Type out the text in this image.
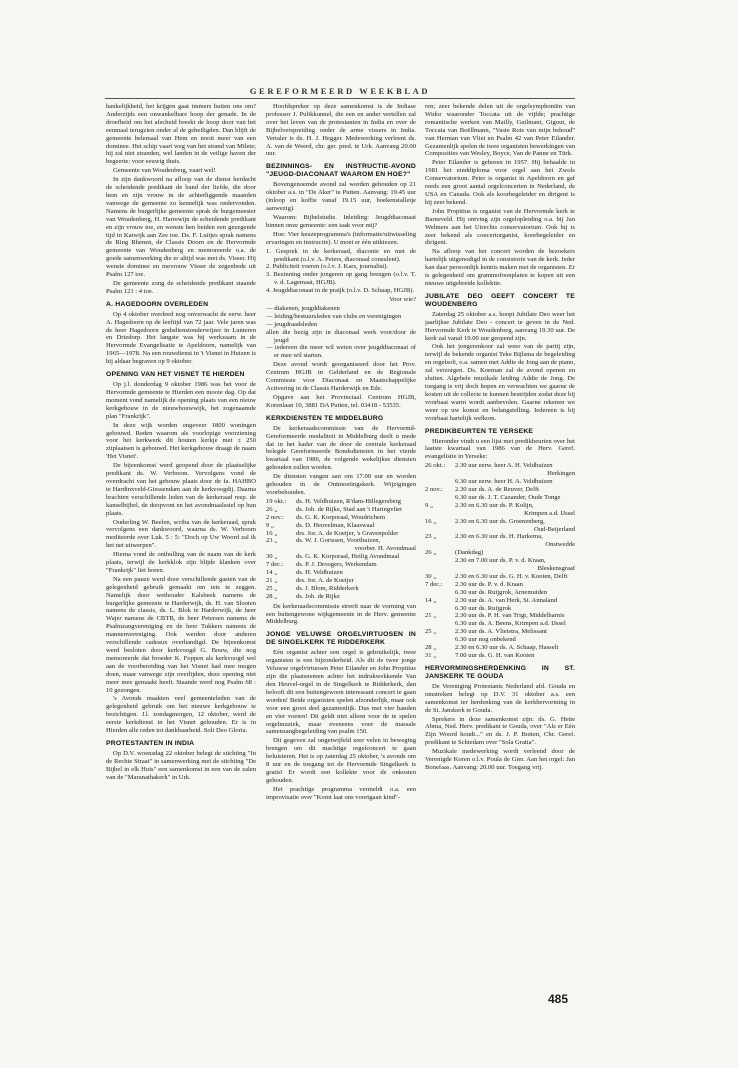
GEREFORMEERD WEEKBLAD

hankelijkheid, het krijgen gaat immers buiten ons om? Anderzijds een onwankelbare hoop der genade. In de droefheid om het afscheid breekt de hoop door van het eenmaal terugzien onder al de geheiligden. Dan blijft de gemeente helemaal van Hem en nooit meer van een dominee. Het schip vaart weg van het strand van Milete; hij zal niet stranden, wel landen in de veilige haven der begeerte: voor eeuwig thuis.

Gemeente van Woudenberg, vaart wel!

In zijn dankwoord na afloop van de dienst herdacht de scheidende predikant de band der liefde, die door hem en zijn vrouw in de achterliggende maanden vanwege de gemeente zo kennelijk was ondervonden. Namens de burgerlijke gemeente sprak de burgemeester van Woudenberg, H. Harrewijn de scheidende predikant en zijn vrouw toe, en wenste hen beiden een gezegende tijd in Katwijk aan Zee toe. Ds. F. Luitjes sprak namens de Ring Rhenen, de Classis Doorn en de Hervormde gemeente van Woudenberg en memoreerde o.a. de goede samenwerking die er altijd was met ds. Visser. Hij wenste dominee en mevrouw Visser de zegenbede uit Psalm 127 toe.

De gemeente zong de scheidende predikant staande Psalm 121 : 4 toe.

A. HAGEDOORN OVERLEDEN

Op 4 oktober overleed nog onverwacht de eerw. heer A. Hagedoorn op de leeftijd van 72 jaar. Vele jaren was de heer Hagedoorn godsdienstonderwijzer in Lunteren en Driedorp. Het langste was hij werkzaam in de Hervormde Evangelisatie te Apeldoorn, namelijk van 1965—1978. Na een rouwdienst in 't Visnet in Huizen is hij aldaar begraven op 9 oktober.

OPENING VAN HET VISNET TE HIERDEN

Op j.l. donderdag 9 oktober 1986 was het voor de Hervormde gemeente te Hierden een mooie dag. Op dat moment vond namelijk de opening plaats van een nieuw kerkgebouw in de nieuwbouwwijk, het zogenaamde plan "Frankrijk".

In deze wijk worden ongeveer 1800 woningen gebouwd. Reden waarom als voorlopige voorziening voor het kerkwerk dit houten kerkje met ± 250 zitplaatsen is gebouwd. Het kerkgebouw draagt de naam 'Het Visnet'.

De bijeenkomst werd geopend door de plaatselijke predikant ds. W. Verboom. Vervolgens vond de overdracht van het gebouw plaats door de fa. HAHBO te Hardinxveld-Giessendam aan de kerkvoogdij. Daarna brachten verschillende leden van de kerkeraad resp. de kanselbijbel, de doopvont en het avondmaalsstel op hun plaats.

Ouderling W. Beelen, scriba van de kerkeraad, sprak vervolgens een dankwoord, waarna ds. W. Verboom mediteerde over Luk. 5 : 5: "Doch op Uw Woord zal ik het net uitwerpen".

Hierna vond de onthulling van de naam van de kerk plaats, terwijl de kerkklok zijn blijde klanken over "Frankrijk" liet horen.

Na een pauze werd door verschillende gasten van de gelegenheid gebruik gemaakt om iets te zeggen. Namelijk door wethouder Kalsbeek namens de burgerlijke gemeente te Harderwijk, ds. H. van Slooten namens de classis, ds. L. Blok te Harderwijk, de heer Wajer namens de CBTB, de heer Petersen namens de Psalmzangvereniging en de heer Tukkers namens de mannenvereniging. Ook werden door anderen verschillende cadeaux overhandigd. De bijeenkomst werd besloten door kerkvoogd G. Bouw, die nog memoreerde dat broeder K. Foppen als kerkvoogd wel aan de voorbereiding van het Visnet had mee mogen doen, maar vanwege zijn overlijden, deze opening niet meer mee gemaakt heeft. Staande werd nog Psalm 68 : 10 gezongen.

's Avonds maakten veel gemeenteleden van de gelegenheid gebruik om het nieuwe kerkgebouw te bezichtigen. J.l. zondagmorgen, 12 oktober, werd de eerste kerkdienst in het Visnet gehouden. Er is in Hierden alle reden tot dankbaarheid. Soli Deo Gloria.

PROTESTANTEN IN INDIA

Op D.V. woensdag 22 oktober belegt de stichting "In de Rechte Straat" in samenwerking met de stichting "De Bijbel in elk Huis" een samenkomst in een van de zalen van de "Maranathakerk" in Urk.

Hoofdspreker op deze samenkomst is de Indiase professor J. Pulikkunnel, die een en ander vertellen zal over het leven van de protestanten in India en over de Bijbelverspreiding onder de arme vissers in India. Vertaler is ds. H. J. Hegger. Medewerking verleent ds. A. van de Weerd, chr. ger. pred. te Urk. Aanvang 20.00 uur.

BEZINNINGS- EN INSTRUCTIE-AVOND "JEUGD-DIACONAAT WAAROM EN HOE?"

Bovengenoemde avond zal worden gehouden op 21 oktober a.s. in "De Aker" te Putten. Aanvang: 19.45 uur (inloop en koffie vanaf 19.15 uur, boekenstalletje aanwezig).

Waarom: Bijbelstudie. Inleiding: Jeugddiaconaat binnen onze gemeente: een taak voor mij?

Hoe: Vier keuzeprogramma's (informatie/uitwisseling ervaringen en instructie). U moet er één uitkiezen.

1. Gesprek in de kerkeraad, diaconie en met de predikant (o.l.v. A. Peters, diaconaal consulent).
2. Publiciteit voeren (o.l.v. J. Kars, journalist).
3. Bezinning onder jongeren op gang brengen (o.l.v. T. v. d. Lagemaat, HGJB).
4. Jeugddiaconaat in de praijk (o.l.v. D. Schaap, HGJB).
Voor wie?
— diakenen, jeugddiakenen
— leiding/bestuursleden van clubs en verenigingen
— jeugdraadsleden
allen die bezig zijn in diaconaal werk voor/door de jeugd
— iedereen die meer wil weten over jeugddiaconaat of er mee wil starten.

Deze avond wordt georganiseerd door het Prov. Centrum HGJB in Gelderland en de Regionale Commissie voor Diaconaat en Maatschappelijke Activering in de Classis Harderwijk en Ede.

Opgave aan het Provinciaal Centrum HGJB, Korenlaan 10, 3881 DA Putten, tel. 03418 - 53535.

KERKDIENSTEN TE MIDDELBURG

De kerkeraadscommissie van de Hervormd-Gereformeerde modaliteit in Middelburg deelt u mede dat in het kader van de door de centrale kerkeraad belegde Gereformeerde Bondsdiensten in het vierde kwartaal van 1986, de volgende wekelijkse diensten gehouden zullen worden.

De diensten vangen aan om 17.00 uur en worden gehouden in de Ontmoetingskerk. Wijzigingen voorbehouden.

19 okt.:	ds. H. Veldhuizen, R'dam-Hillegersberg
26 „	ds. Joh. de Rijke, Stad aan 't Haringvliet
2 nov.:	ds. G. K. Korporaal, Woudrichem
9 „	ds. D. Heuvelman, Klaaswaal
16 „	drs. Jor. A. de Koeijer, 's Gravenpolder
23 „	ds. W. J. Gorissen, Voorthuizen,
voorber. H. Avondmaal
30 „	ds. G. K. Korporaal, Heilig Avondmaal
7 dec.:	ds. P. J. Droogers, Werkendam
14 „	ds. H. Veldhuizen
21 „	drs. Jor. A. de Koeijer
25 „	ds. J. Blom, Ridderkerk
28 „	ds. Joh. de Rijke

De kerkeraadscommissie streeft naar de vorming van een buitengewone wijkgemeente in de Herv. gemeente Middelburg.

JONGE VELUWSE ORGELVIRTUOSEN IN DE SINGELKERK TE RIDDERKERK

Eén organist achter een orgel is gebruikelijk, twee organisten is een bijzonderheid. Als dit de twee jonge Veluwse orgelvirtuosen Peter Eilander en John Propitius zijn die plaatsnemen achter het indrukwekkende Van den Heuvel-orgel in de Singelkerk te Ridderkerk, dan belooft dit een buitengewoon interessant concert te gaan worden! Beide organisten spelen afzonderlijk, maar ook voor een groot deel gezamenlijk. Dus met vier handen en vier voeten! Dit geldt niet alleen voor de te spelen orgelmuziek, maar eveneens voor de massale samenzangbegeleiding van psalm 150.

Dit gegeven zal ongetwijfeld zeer velen in beweging brengen om dit machtige orgelconcert te gaan beluisteren. Het is op zaterdag 25 oktober, 's avonds om 8 uur en de toegang tot de Hervormde Singelkerk is gratis! Er wordt een kollekte voor de onkosten gehouden.

Het prachtige programma vermeldt o.a. een improvisatie over "Komt laat ons voortgaan kind"-

ren; zeer bekende delen uit de orgelsymphoniën van Widor waaronder Toccata uit de vijfde; prachtige romantische werken van Mailly, Guilmant, Gigout, de Toccata van Boëllmann, "Vaste Rots van mijn behoud" van Herman van Vliet en Psalm 42 van Peter Eilander. Gezamenlijk spelen de twee organisten bewerkingen van Composities van Wesley, Boyce, Van de Panne en Türk.

Peter Eilander is geboren in 1957. Hij behaalde in 1981 het einddiploma voor orgel aan het Zwols Conservatorium. Peter is organist in Apeldoorn en gaf reeds een groot aantal orgelconcerten in Nederland, de USA en Canada. Ook als koorbegeleider en dirigent is hij zeer bekend.

John Propitius is organist van de Hervormde kerk te Barneveld. Hij ontving zijn orgelopleiding o.a. bij Jan Welmers aan het Utrechts conservatorium. Ook hij is zeer bekend als concertorganist, koorbegeleider en dirigent.

Na afloop van het concert worden de bezoekers hartelijk uitgenodigd in de consistorie van de kerk. Ieder kan daar persoonlijk kennis maken met de organisten. Er is gelegenheid om grammofoonplaten te kopen uit een nieuwe uitgebreide kollektie.

JUBILATE DEO GEEFT CONCERT TE WOUDENBERG

Zaterdag 25 oktober a.s. hoopt Jubilate Deo weer het jaarlijkse Jubilate Deo - concert te geven in de Ned. Hervormde Kerk te Woudenberg, aanvang 19.30 uur. De kerk zal vanaf 19.00 uur geopend zijn.

Ook het jongerenkoor zal weer van de partij zijn, terwijl de bekende organist Teke Bijlsma de begeleiding en orgelsoli, o.a. samen met Addie de Jong aan de piano, zal verzorgen. Ds. Koeman zal de avond openen en sluiten. Algehele muzikale leiding Addie de Jong. De toegang is vrij doch hopen en verwachten we gaarne de kosten uit de collecte te kunnen bestrijden zodat deze bij voorbaat warm wordt aanbevolen. Gaarne rekenen we weer op uw komst en belangstelling. Iedereen is bij voorbaat hartelijk welkom.

PREDIKBEURTEN TE YERSEKE

Hieronder vindt u een lijst met predikbeurten over het laatste kwartaal van 1986 van de Herv. Geref. evangelistie in Yerseke:

26 okt.:	2.30 uur eerw. heer A. H. Veldhuizen
Herkingen
6.30 uur eerw. heer H. A. Veldhuizen
2 nov.:	2.30 uur ds. A. de Reuver, Delft
6.30 uur ds. J. T. Cazander, Oude Tonge
9 „	2.30 en 6.30 uur ds. P. Kolijn,
Krimpen a.d. IJssel
16 „	2.30 en 6.30 uur ds. Groenenberg,
Oud-Beijerland
23 „	2.30 en 6.30 uur ds. H. Harkema,
Onstwedde
26 „	(Dankdag)
2.30 en 7.00 uur ds. P. v. d. Kraan,
Bleskensgraaf
30 „	2.30 en 6.30 uur ds. G. H. v. Kooten, Delft
7 dec.:	2.30 uur ds. P. v. d. Kraan
6.30 uur ds. Ruijgrok, Arnemuiden
14 „	2.30 uur ds. A. van Herk, St. Annaland
6.30 uur ds. Ruijgrok
21 „	2.30 uur ds. P. H. van Trigt, Middelharnis
6.30 uur ds. A. Beens, Krimpen a.d. IJssel
25 „	2.30 uur ds. A. Vlietstra, Melissant
6.30 uur nog onbekend
28 „	2.30 en 6.30 uur ds. A. Schaap, Hasselt
31 „	7.00 uur ds. G. H. van Kooten
HERVORMINGSHERDENKING IN ST. JANSKERK TE GOUDA

De Vereniging Protestants Nederland afd. Gouda en omstreken belegt op D.V. 31 oktober a.s. een samenkomst ter herdenking van de kerkhervorming in de St. Janskerk te Gouda.

Sprekers in deze samenkomst zijn: ds. G. Hette Abma, Ned. Herv. predikant te Gouda, over "Als er Eén Zijn Woord houdt..." en ds. J. P. Boiten, Chr. Geref. predikant te Schiedam over "Sola Gratia".

Muzikale medewerking wordt verleend door de Verenigde Koren o.l.v. Poula de Gier. Aan het orgel: Jan Bonefaas. Aanvang: 20.00 uur. Toegang vrij.

485
